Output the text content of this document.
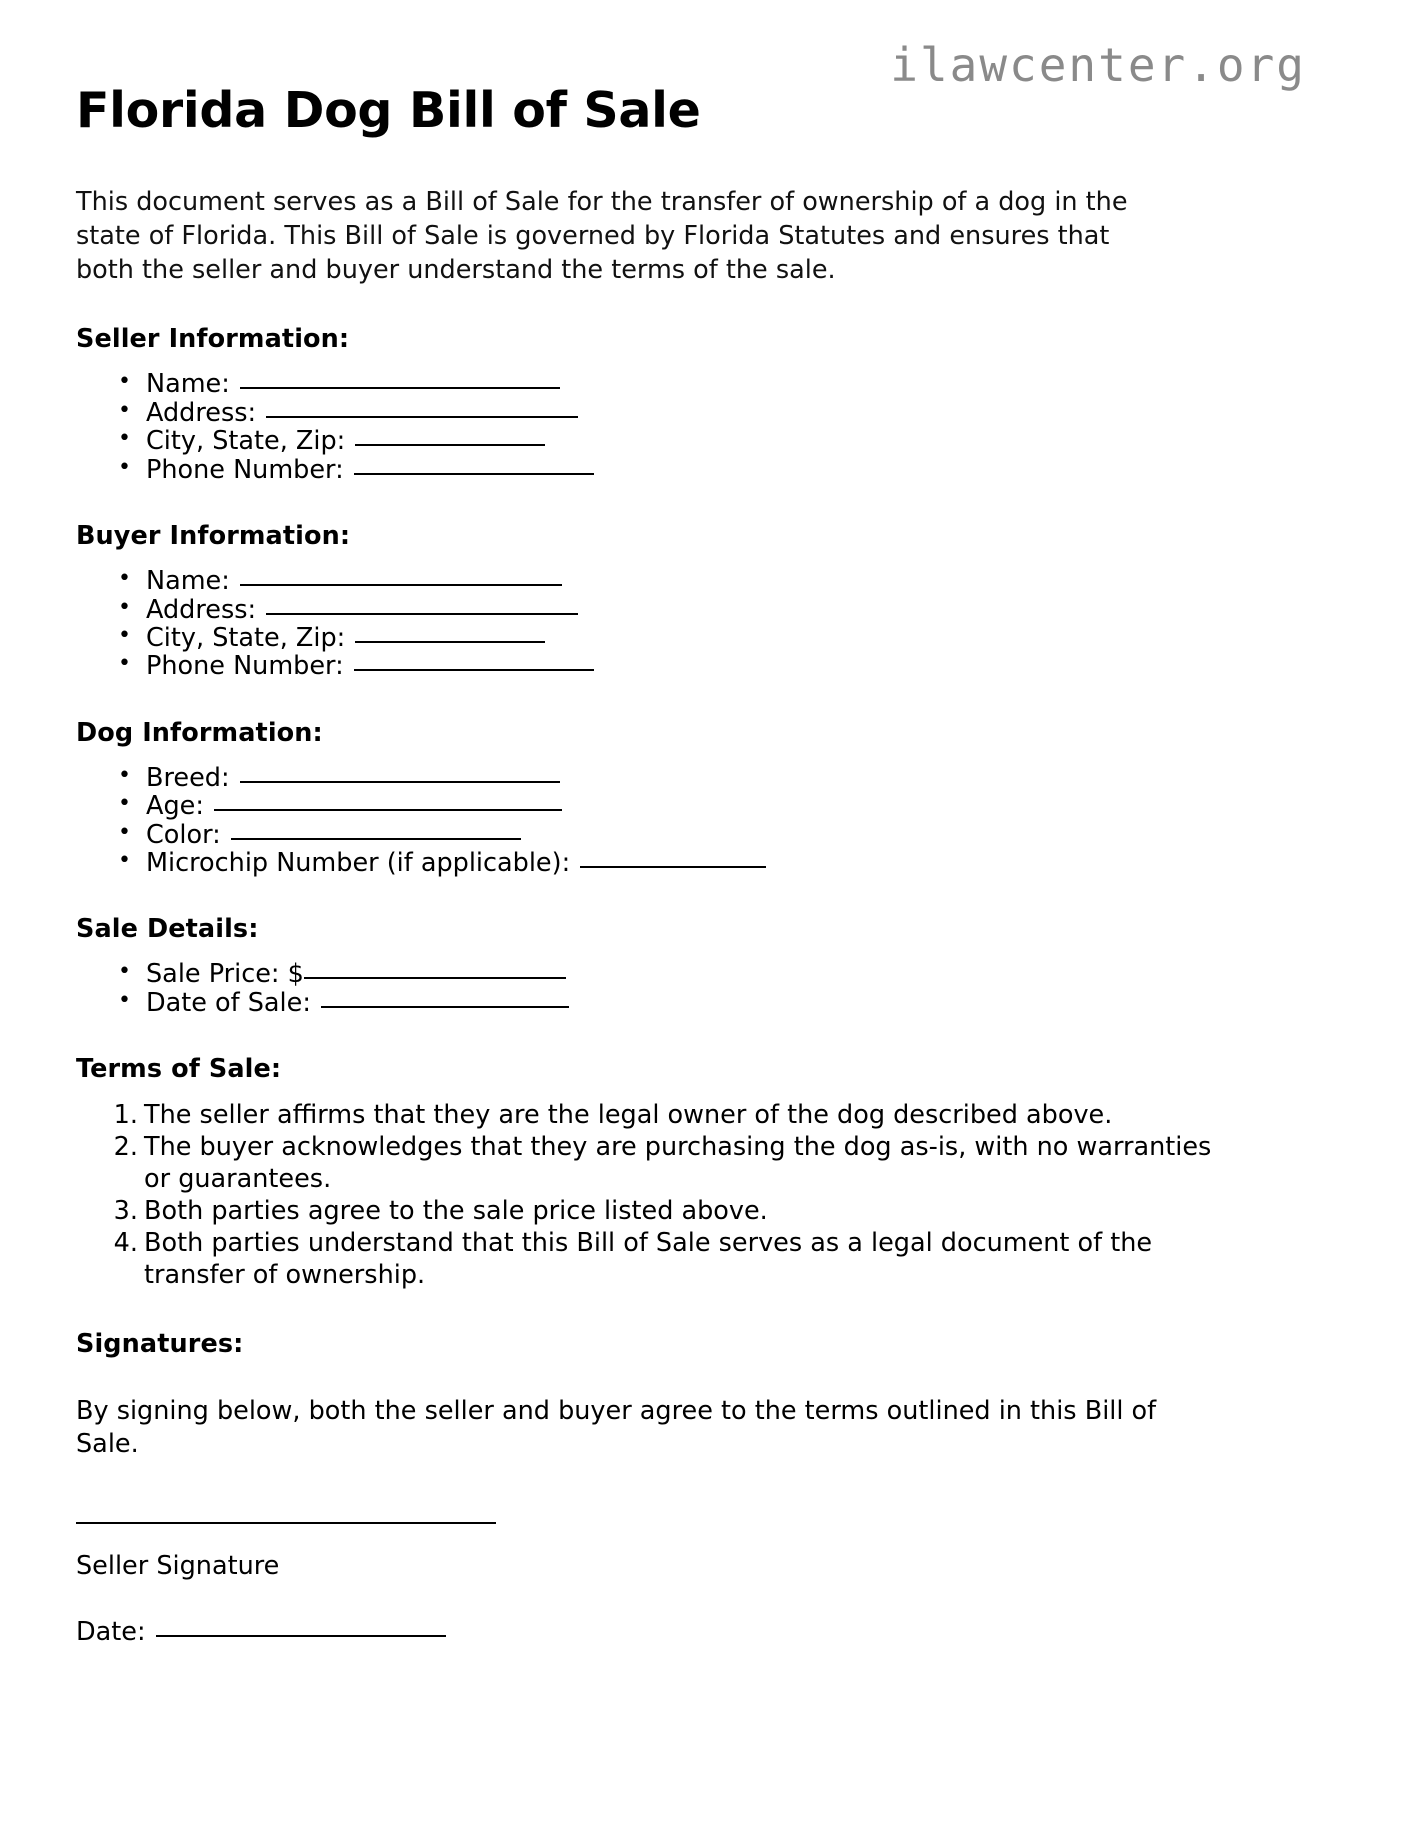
ilawcenter.org
Florida Dog Bill of Sale

This document serves as a Bill of Sale for the transfer of ownership of a dog in the state of Florida. This Bill of Sale is governed by Florida Statutes and ensures that both the seller and buyer understand the terms of the sale.

Seller Information:
• Name:
• Address:
• City, State, Zip:
• Phone Number:
Buyer Information:
• Name:
• Address:
• City, State, Zip:
• Phone Number:
Dog Information:
• Breed:
• Age:
• Color:
• Microchip Number (if applicable):
Sale Details:
• Sale Price: $
• Date of Sale:
Terms of Sale:
The seller affirms that they are the legal owner of the dog described above.
The buyer acknowledges that they are purchasing the dog as-is, with no warranties or guarantees.
Both parties agree to the sale price listed above.
Both parties understand that this Bill of Sale serves as a legal document of the transfer of ownership.
Signatures:

By signing below, both the seller and buyer agree to the terms outlined in this Bill of Sale.

Seller Signature

Date:
